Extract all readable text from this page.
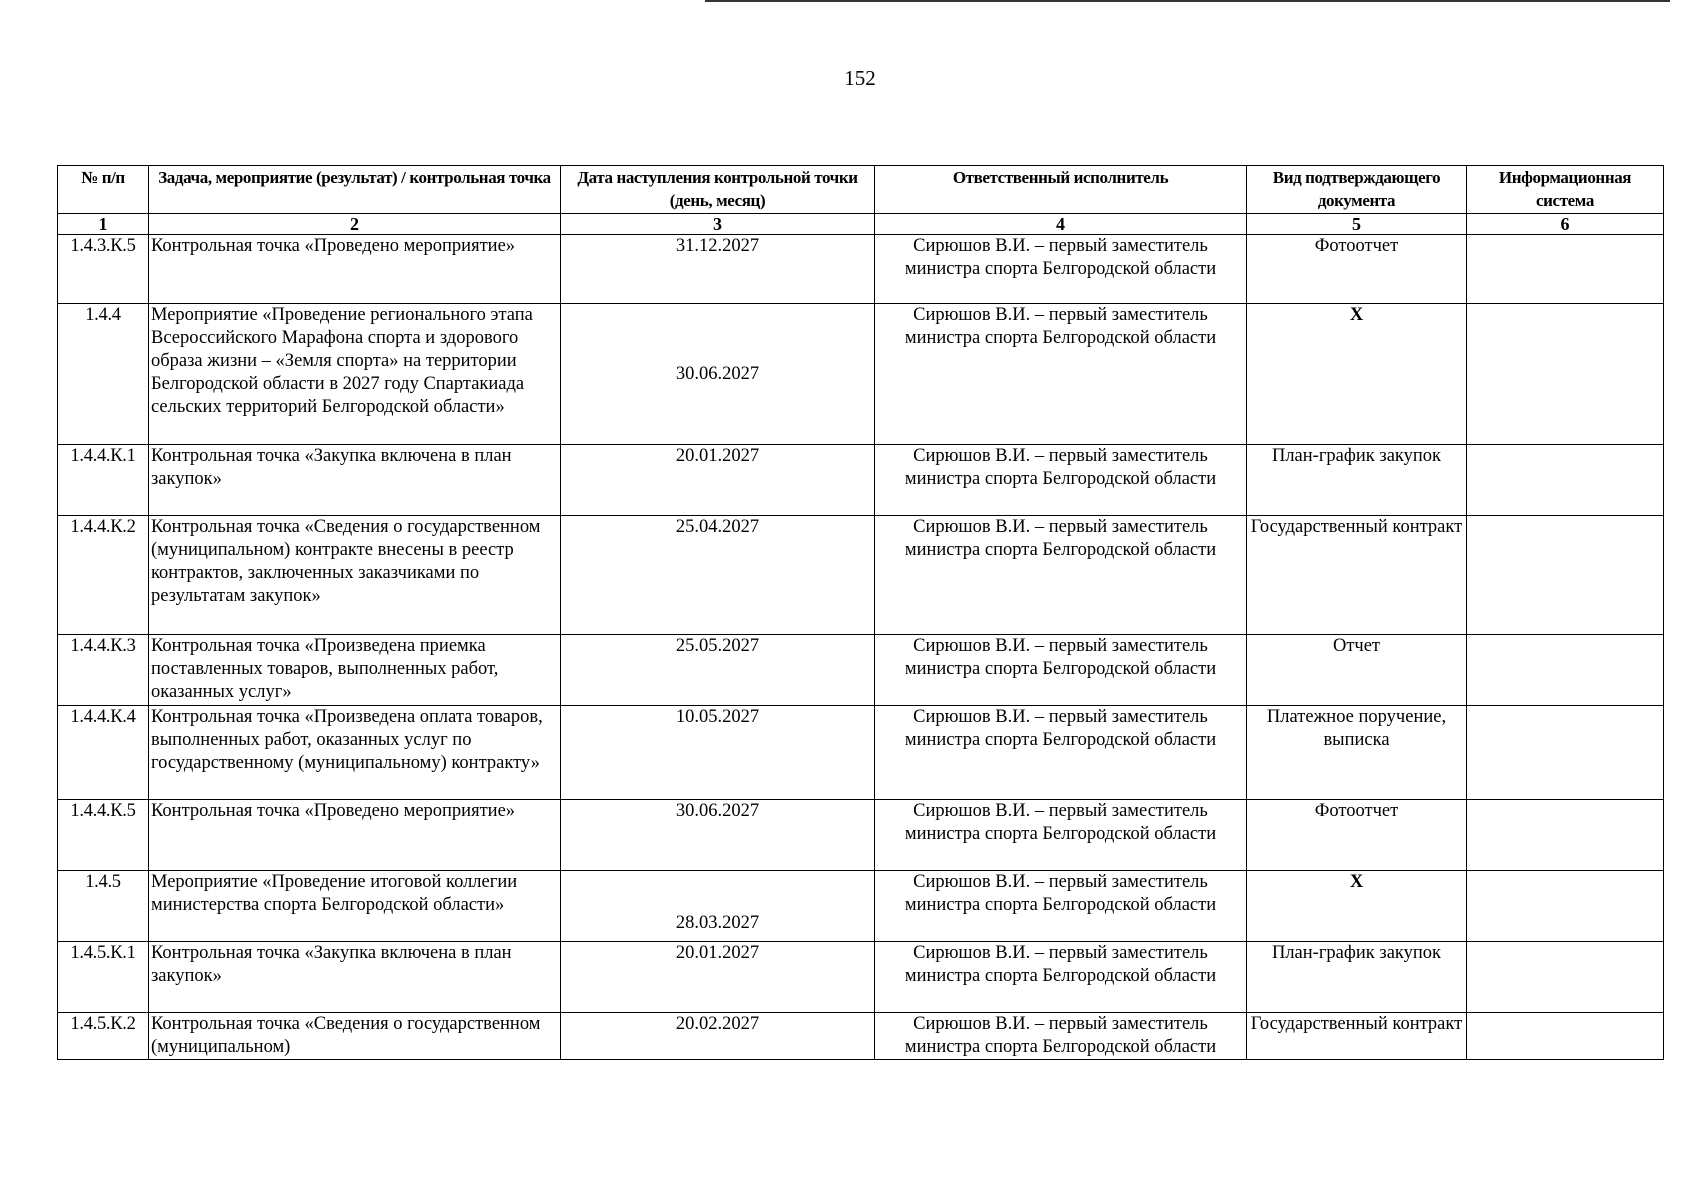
152
№ п/п	Задача, мероприятие (результат) / контрольная точка	Дата наступления контрольной точки (день, месяц)	Ответственный исполнитель	Вид подтверждающего документа	Информационная система
1	2	3	4	5	6
1.4.3.К.5	Контрольная точка «Проведено мероприятие»	31.12.2027	Сирюшов В.И. – первый заместитель министра спорта Белгородской области	Фотоотчет	
1.4.4	Мероприятие «Проведение регионального этапа Всероссийского Марафона спорта и здорового образа жизни – «Земля спорта» на территории Белгородской области в 2027 году Спартакиада сельских территорий Белгородской области»	30.06.2027	Сирюшов В.И. – первый заместитель министра спорта Белгородской области	Х	
1.4.4.К.1	Контрольная точка «Закупка включена в план закупок»	20.01.2027	Сирюшов В.И. – первый заместитель министра спорта Белгородской области	План-график закупок	
1.4.4.К.2	Контрольная точка «Сведения о государственном (муниципальном) контракте внесены в реестр контрактов, заключенных заказчиками по результатам закупок»	25.04.2027	Сирюшов В.И. – первый заместитель министра спорта Белгородской области	Государственный контракт	
1.4.4.К.3	Контрольная точка «Произведена приемка поставленных товаров, выполненных работ, оказанных услуг»	25.05.2027	Сирюшов В.И. – первый заместитель министра спорта Белгородской области	Отчет	
1.4.4.К.4	Контрольная точка «Произведена оплата товаров, выполненных работ, оказанных услуг по государственному (муниципальному) контракту»	10.05.2027	Сирюшов В.И. – первый заместитель министра спорта Белгородской области	Платежное поручение, выписка	
1.4.4.К.5	Контрольная точка «Проведено мероприятие»	30.06.2027	Сирюшов В.И. – первый заместитель министра спорта Белгородской области	Фотоотчет	
1.4.5	Мероприятие «Проведение итоговой коллегии министерства спорта Белгородской области»	28.03.2027	Сирюшов В.И. – первый заместитель министра спорта Белгородской области	Х	
1.4.5.К.1	Контрольная точка «Закупка включена в план закупок»	20.01.2027	Сирюшов В.И. – первый заместитель министра спорта Белгородской области	План-график закупок	
1.4.5.К.2	Контрольная точка «Сведения о государственном (муниципальном)	20.02.2027	Сирюшов В.И. – первый заместитель министра спорта Белгородской области	Государственный контракт	
